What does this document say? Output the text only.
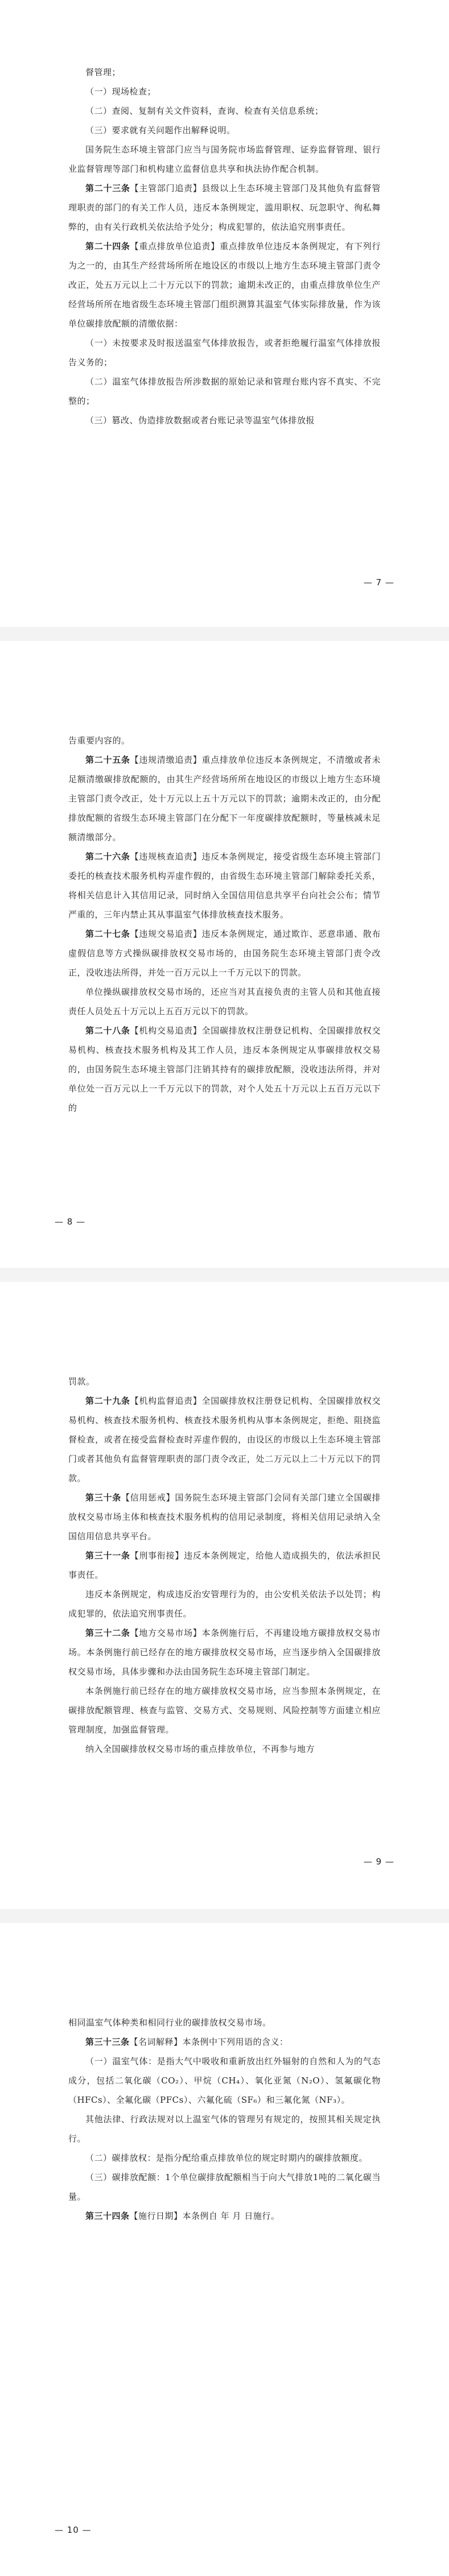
督管理；

（一）现场检查；

（二）查阅、复制有关文件资料，查询、检查有关信息系统；

（三）要求就有关问题作出解释说明。

国务院生态环境主管部门应当与国务院市场监督管理、证券监督管理、银行业监督管理等部门和机构建立监督信息共享和执法协作配合机制。

第二十三条【主管部门追责】县级以上生态环境主管部门及其他负有监督管理职责的部门的有关工作人员，违反本条例规定，滥用职权、玩忽职守、徇私舞弊的，由有关行政机关依法给予处分；构成犯罪的，依法追究刑事责任。

第二十四条【重点排放单位追责】重点排放单位违反本条例规定，有下列行为之一的，由其生产经营场所所在地设区的市级以上地方生态环境主管部门责令改正，处五万元以上二十万元以下的罚款；逾期未改正的，由重点排放单位生产经营场所所在地省级生态环境主管部门组织测算其温室气体实际排放量，作为该单位碳排放配额的清缴依据：

（一）未按要求及时报送温室气体排放报告，或者拒绝履行温室气体排放报告义务的；

（二）温室气体排放报告所涉数据的原始记录和管理台账内容不真实、不完整的；

（三）篡改、伪造排放数据或者台账记录等温室气体排放报

— 7 —

告重要内容的。

第二十五条【违规清缴追责】重点排放单位违反本条例规定，不清缴或者未足额清缴碳排放配额的，由其生产经营场所所在地设区的市级以上地方生态环境主管部门责令改正，处十万元以上五十万元以下的罚款；逾期未改正的，由分配排放配额的省级生态环境主管部门在分配下一年度碳排放配额时，等量核减未足额清缴部分。

第二十六条【违规核查追责】违反本条例规定，接受省级生态环境主管部门委托的核查技术服务机构弄虚作假的，由省级生态环境主管部门解除委托关系，将相关信息计入其信用记录，同时纳入全国信用信息共享平台向社会公布；情节严重的，三年内禁止其从事温室气体排放核查技术服务。

第二十七条【违规交易追责】违反本条例规定，通过欺诈、恶意串通、散布虚假信息等方式操纵碳排放权交易市场的，由国务院生态环境主管部门责令改正，没收违法所得，并处一百万元以上一千万元以下的罚款。

单位操纵碳排放权交易市场的，还应当对其直接负责的主管人员和其他直接责任人员处五十万元以上五百万元以下的罚款。

第二十八条【机构交易追责】全国碳排放权注册登记机构、全国碳排放权交易机构、核查技术服务机构及其工作人员，违反本条例规定从事碳排放权交易的，由国务院生态环境主管部门注销其持有的碳排放配额，没收违法所得，并对单位处一百万元以上一千万元以下的罚款，对个人处五十万元以上五百万元以下的

— 8 —

罚款。

第二十九条【机构监督追责】全国碳排放权注册登记机构、全国碳排放权交易机构、核查技术服务机构、核查技术服务机构从事本条例规定，拒绝、阻挠监督检查，或者在接受监督检查时弄虚作假的，由设区的市级以上生态环境主管部门或者其他负有监督管理职责的部门责令改正，处二万元以上二十万元以下的罚款。

第三十条【信用惩戒】国务院生态环境主管部门会同有关部门建立全国碳排放权交易市场主体和核查技术服务机构的信用记录制度，将相关信用记录纳入全国信用信息共享平台。

第三十一条【刑事衔接】违反本条例规定，给他人造成损失的，依法承担民事责任。

违反本条例规定，构成违反治安管理行为的，由公安机关依法予以处罚；构成犯罪的，依法追究刑事责任。

第三十二条【地方交易市场】本条例施行后，不再建设地方碳排放权交易市场。本条例施行前已经存在的地方碳排放权交易市场，应当逐步纳入全国碳排放权交易市场，具体步骤和办法由国务院生态环境主管部门制定。

本条例施行前已经存在的地方碳排放权交易市场，应当参照本条例规定，在碳排放配额管理、核查与监管、交易方式、交易规则、风险控制等方面建立相应管理制度，加强监督管理。

纳入全国碳排放权交易市场的重点排放单位，不再参与地方

— 9 —

相同温室气体种类和相同行业的碳排放权交易市场。

第三十三条【名词解释】本条例中下列用语的含义：

（一）温室气体：是指大气中吸收和重新放出红外辐射的自然和人为的气态成分，包括二氧化碳（CO₂）、甲烷（CH₄）、氧化亚氮（N₂O）、氢氟碳化物（HFCs）、全氟化碳（PFCs）、六氟化硫（SF₆）和三氟化氮（NF₃）。

其他法律、行政法规对以上温室气体的管理另有规定的，按照其相关规定执行。

（二）碳排放权：是指分配给重点排放单位的规定时期内的碳排放额度。

（三）碳排放配额：1个单位碳排放配额相当于向大气排放1吨的二氧化碳当量。

第三十四条【施行日期】本条例自 年 月 日施行。

— 10 —
